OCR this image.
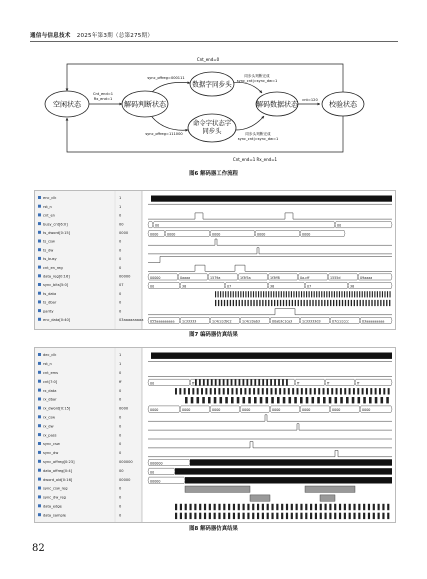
通信与信息技术 2025年第3期（总第275期）
Cnt_end=0
Cnt_end=1 Rx_end=1
Cnt_end=1
Rx_end=1
sync_offreg=000111
sync_offreg=111000
同步头判断完成
sync_cnt|=sync_dw=1
同步头判断完成
sync_cnt|=sync_dw=1
cnt=120
空闲状态	解码判断状态
数据字同步头
命令字状态字
同步头
解码数据状态	校验状态
图6 解码器工作流程
enc_clk	1
rst_n	1
cnt_en	0
busy_cnt[6:0]	00	00	00
ts_dword[0:15]	0000	0000	0000	0000	0000	0000
ts_csw	0
ts_dw	0
ts_busy	0
cnt_en_reg	0
data_reg[0:16]	00000	00000	0aaaa	1579a	1f3f5a	1f3ff8	0a-cff	1555d	09aaaa
sync_bits[5:0]	07	00	38	07	38	07	38
ts_data	0
ts_dbar	0
parity	0
enc_data[0:40]	03aaaaaaaaa 055aaaaaaaaa 1c33333	1c4cccd9c2	1c4cc0ab3	00ab3c1ca3	1c33333d3	07ccccccc	03aaaaaaaaa
图7 编码器仿真结果
dec_clk	1
rst_n	1
cnt_ems	0
cnt[7:0]	ff	00	ff	ff	ff	ff
rx_data	0
rx_dbar	0
rx_dword[0:15]	0000	0000	0000	0000	0000	0000	0000	0000	0000
rx_csw	0
rx_dw	0
rx_pass	0
sync_csw	0
sync_dw	0
sync_offreg[0:23]	000000	000000
data_offreg[0:4]	00	00
dword_old[0:16]	00000	00000
sync_csw_reg	0
sync_dw_reg	0
data_edge	0
data_sample	0
图8 解码器仿真结果
82
